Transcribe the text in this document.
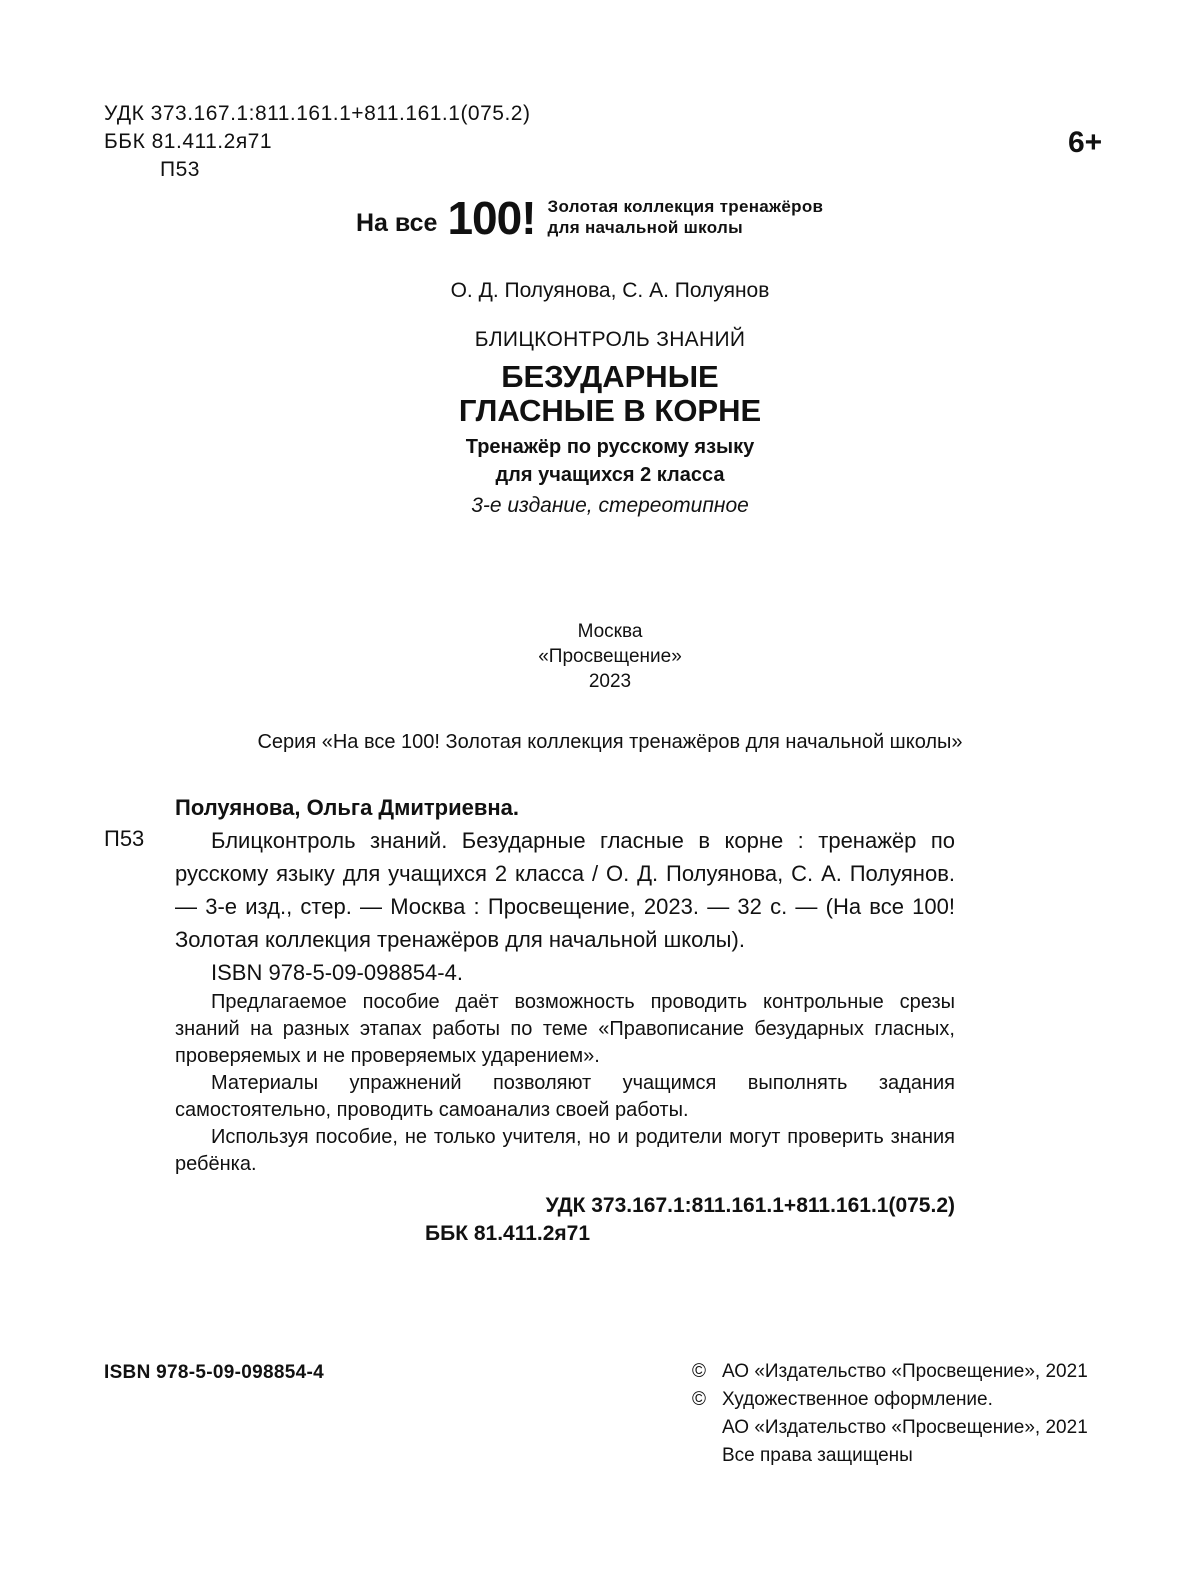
УДК 373.167.1:811.161.1+811.161.1(075.2)
ББК 81.411.2я71
П53
6+
На все 100! Золотая коллекция тренажёров
для начальной школы
О. Д. Полуянова, С. А. Полуянов
БЛИЦКОНТРОЛЬ ЗНАНИЙ
БЕЗУДАРНЫЕ
ГЛАСНЫЕ В КОРНЕ
Тренажёр по русскому языку
для учащихся 2 класса
3-е издание, стереотипное
Москва
«Просвещение»
2023
Серия «На все 100! Золотая коллекция тренажёров для начальной школы»
П53

Полуянова, Ольга Дмитриевна.

Блицконтроль знаний. Безударные гласные в корне : тренажёр по русскому языку для учащихся 2 класса / О. Д. Полуянова, С. А. Полуянов. — 3-е изд., стер. — Москва : Просвещение, 2023. — 32 с. — (На все 100! Золотая коллекция тренажёров для начальной школы).

ISBN 978-5-09-098854-4.

Предлагаемое пособие даёт возможность проводить контрольные срезы знаний на разных этапах работы по теме «Правописание безударных гласных, проверяемых и не проверяемых ударением».

Материалы упражнений позволяют учащимся выполнять задания самостоятельно, проводить самоанализ своей работы.

Используя пособие, не только учителя, но и родители могут проверить знания ребёнка.

УДК 373.167.1:811.161.1+811.161.1(075.2)
ББК 81.411.2я71
ISBN 978-5-09-098854-4	© АО «Издательство «Просвещение», 2021
© Художественное оформление.
АО «Издательство «Просвещение», 2021
Все права защищены
